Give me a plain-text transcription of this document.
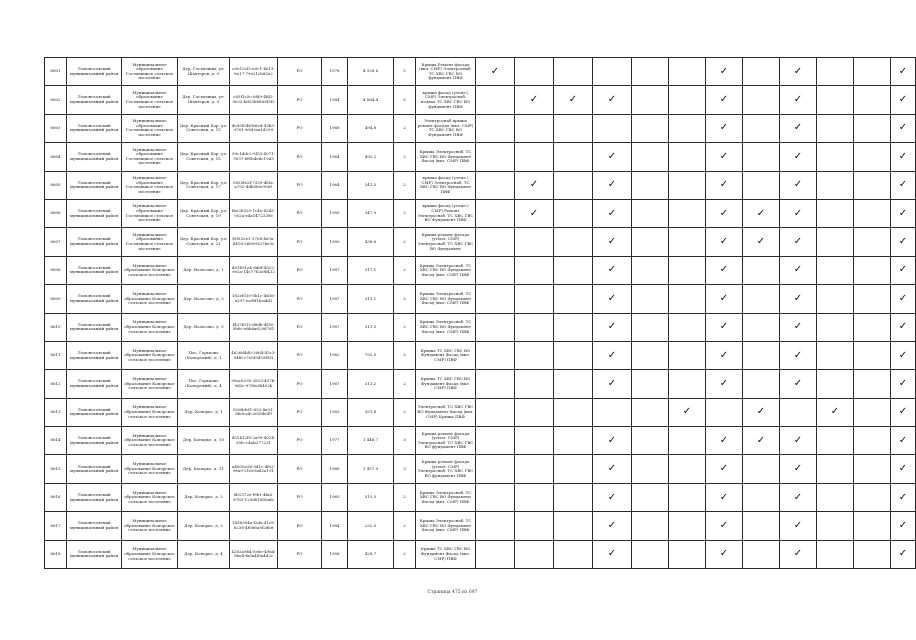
8601	Ломоносовский муниципальный район	Муниципальное образование Гостилицкое сельское поселение	Дер. Гостилицы, ул. Шахтеров, д. 9	a9e15cf2-a9c1-4e13-8e17-79e21cb85e2	РО	1978	4 928,6	5	Крыша Ремонт фасада (вкл. СМР) Электроснаб. ТС ХВС ГВС ВО фундамент ПВФ	✓						✓		✓			✓
8602	Ломоносовский муниципальный район	Муниципальное образование Гостилицкое сельское поселение	Дер. Гостилицы, ул. Шахтеров, д. 9	c85f1c5c-0fd9-4fd2-9e33-bd25b6889f3f2	РО	1984	4 064,4	5	крыша фасад (утепл.) СМР) Электроснаб. подвал ТС ХВС ГВС ВО фундамент ПВФ		✓	✓	✓			✓		✓			✓
8603	Ломоносовский муниципальный район	Муниципальное образование Гостилицкое сельское поселение	Дер. Красный Бор, ул. Советская, д. 15	4e95f54b-b6e4-43b3-9761-b9d3ea1d299	РО	1966	494,8	2	Электроснаб крыша ремонт фасада (вкл. СМР) ТС ХВС ГВС ВО Фундамент ПВФ							✓		✓			✓
8604	Ломоносовский муниципальный район	Муниципальное образование Гостилицкое сельское поселение	Дер. Красный Бор, ул. Советская, д. 15	99c1ddc2-9f33-4071-9037-6f5b4edc19d3	РО	1964	492,2	2	Крыша Электроснаб. ТС ХВС ГВС ВО Фундамент Фасад (вкл. СМР) ПВФ				✓			✓		✓			✓
8605	Ломоносовский муниципальный район	Муниципальное образование Гостилицкое сельское поселение	Дер. Красный Бор, ул. Советская, д. 17	0835fe2f-7339-4f3a-a792-4db0f0e9065	РО	1964	341,3	2	крыша фасад (утепл.) СМР) Электроснаб. ТС ХВС ГВС ВО Фундамент ПВФ		✓		✓			✓		✓			✓
8606	Ломоносовский муниципальный район	Муниципальное образование Гостилицкое сельское поселение	Дер. Красный Бор, ул. Советская, д. 19	fbe2b525-1c4e-43d3-952a-e4a1472338e	РО	1950	347,9	2	крыша фасад (утепл.) СМР) Ремонт Электроснаб. ТС ХВС ГВС ВО Фундамент ПВФ		✓		✓			✓	✓	✓			✓
8607	Ломоносовский муниципальный район	Муниципальное образование Гостилицкое сельское поселение	Дер. Красный Бор, ул. Советская, д. 21	f5f352e1-3704-4e9a-8418-26899927be3c	РО	1950	438,6	2	Крыша ремонт фасада (утепл. СМР) Электроснаб. ТС ХВС ГВС ВО Фундамент				✓			✓	✓	✓			✓
8608	Ломоносовский муниципальный район	Муниципальное образование Копорское сельское поселение	Дер. Волосово, д. 1	d81491e4-6d6f-4922-9e2a-14e77f2a9b412	РО	1987	317,1	2	Крыша Электроснаб. ТС ХВС ГВС ВО Фундамент Фасад (вкл. СМР) ПВФ				✓			✓		✓			✓
8609	Ломоносовский муниципальный район	Муниципальное образование Копорское сельское поселение	Дер. Волосово, д. 3	182ef530-5b1c-4d36-a297-ea9ff1fcadd2	РО	1987	311,1	2	Крыша Электроснаб. ТС ХВС ГВС ВО Фундамент Фасад (вкл. СМР) ПВФ				✓			✓		✓			✓
8610	Ломоносовский муниципальный район	Муниципальное образование Копорское сельское поселение	Дер. Волосово, д. 5	f437f015-d8db-4f16-9b6c-ebb8a629d7d1	РО	1987	311,3	2	Крыша Электроснаб. ТС ХВС ГВС ВО Фундамент Фасад (вкл. СМР) ПВФ				✓			✓		✓			✓
8611	Ломоносовский муниципальный район	Муниципальное образование Копорское сельское поселение	Пос. Горьково (Копорский), д. 1	4626d4d0-2664-45c3-94f6-c7e9f3459f5f1	РО	1962	792,5	2	Крыша ТС ХВС ГВС ВО Фундамент Фасад (вкл. СМР) ПВФ				✓			✓		✓			✓
8612	Ломоносовский муниципальный район	Муниципальное образование Копорское сельское поселение	Пос. Горьково (Копорский), д. 4	90ac8295-2823-457b-9d3c-970bcf6402b	РО	1967	313,2	2	Крыша ТС ХВС ГВС ВО Фундамент Фасад (вкл. СМР) ПВФ				✓			✓		✓			✓
8613	Ломоносовский муниципальный район	Муниципальное образование Копорское сельское поселение	Дер. Копорье, д. 1	8268dcf1-632-4e01-8fe8-a4c2638b0f9	РО	1983	351,8	2	Электроснаб. ТС ХВС ГВС ВО Фундамент Фасад (вкл. СМР) Крыша ПВФ						✓		✓		✓		✓
8614	Ломоносовский муниципальный район	Муниципальное образование Копорское сельское поселение	Дер. Копорье, д. 10	d51432f0-2a99-4024-95fc-c4ab277231	РО	1977	1 446,7	3	Крыша ремонт фасада (утепл. СМР) Электроснаб. ТС ХВС ГВС ВО фундамент ПВФ				✓			✓	✓	✓			✓
8615	Ломоносовский муниципальный район	Муниципальное образование Копорское сельское поселение	Дер. Копорье, д. 11	a4000e2b-9d1c-4f02-9ea9-216c9ad2a191	РО	1988	1 457,9	3	Крыша ремонт фасада (утепл. СМР) Электроснаб. ТС ХВС ГВС ВО фундамент ПВФ				✓			✓		✓			✓
8616	Ломоносовский муниципальный район	Муниципальное образование Копорское сельское поселение	Дер. Копорье, д. 2	8b1372e-f9b1-4fa6-8763-129d61d06afe	РО	1965	315,3	2	Крыша Электроснаб. ТС ХВС ГВС ВО Фундамент Фасад (вкл. СМР) ПВФ				✓			✓		✓			✓
8617	Ломоносовский муниципальный район	Муниципальное образование Копорское сельское поселение	Дер. Копорье, д. 3	1498384a-f2da-41c8-8238-4f086a9f2d68	РО	1984	232,0	2	Крыша Электроснаб. ТС ХВС ГВС ВО Фундамент Фасад (вкл. СМР) ПВФ				✓			✓		✓			✓
8618	Ломоносовский муниципальный район	Муниципальное образование Копорское сельское поселение	Дер. Копорье, д. 4	4262a9b4-5e8e-4964-9be4-fa8a4f9a4d2c	РО	1958	428,7	2	Крыша ТС ХВС ГВС ВО Фундамент Фасад (вкл. СМР) ПВФ				✓			✓		✓			✓
Страница 475 из 697
